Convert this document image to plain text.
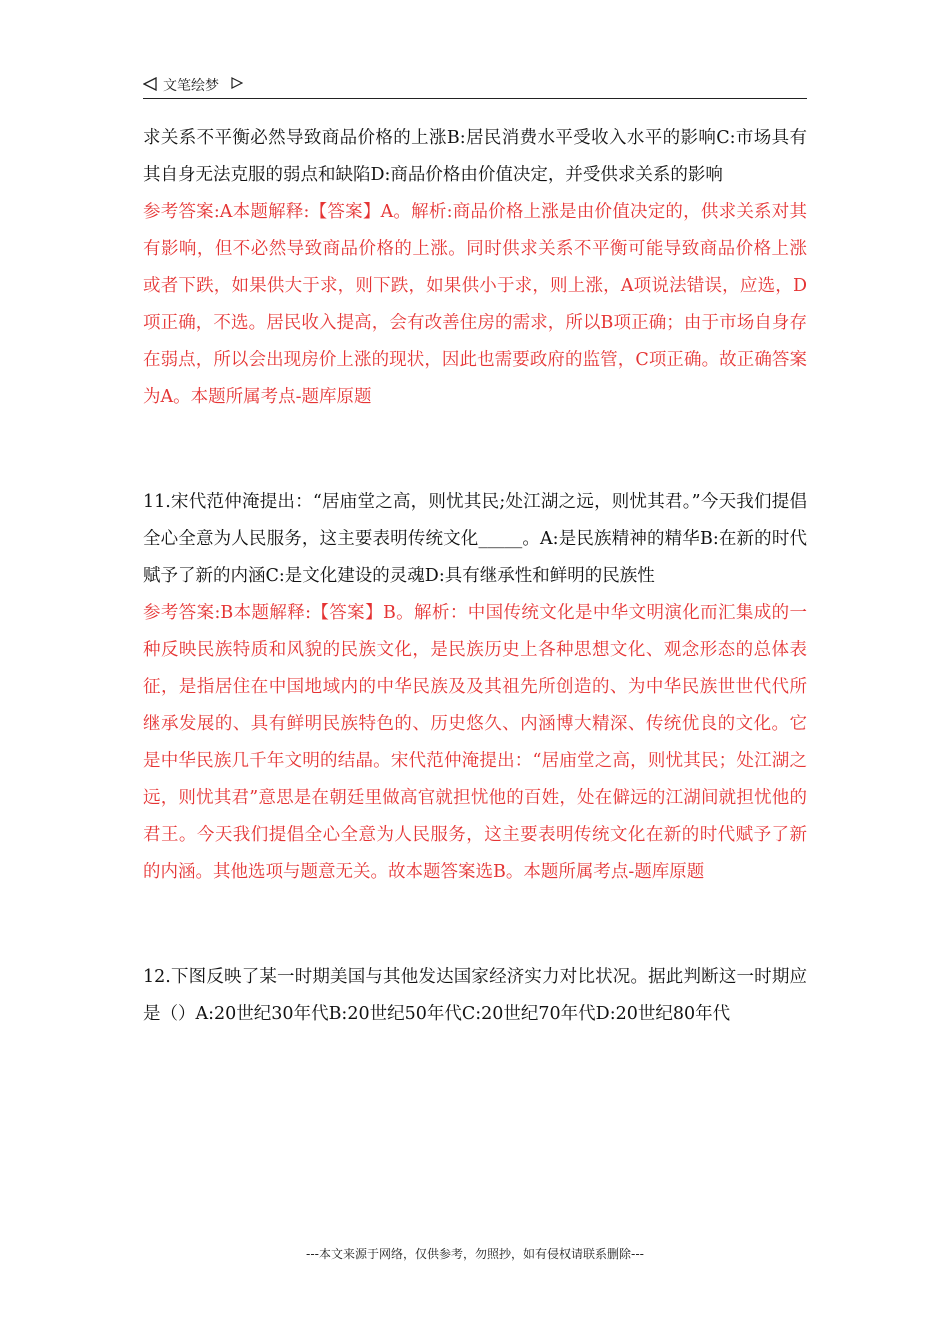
文笔绘梦

求关系不平衡必然导致商品价格的上涨B:居民消费水平受收入水平的影响C:市场具有其自身无法克服的弱点和缺陷D:商品价格由价值决定，并受供求关系的影响

参考答案:A本题解释:【答案】A。解析:商品价格上涨是由价值决定的，供求关系对其有影响，但不必然导致商品价格的上涨。同时供求关系不平衡可能导致商品价格上涨或者下跌，如果供大于求，则下跌，如果供小于求，则上涨，A项说法错误，应选，D项正确，不选。居民收入提高，会有改善住房的需求，所以B项正确；由于市场自身存在弱点，所以会出现房价上涨的现状，因此也需要政府的监管，C项正确。故正确答案为A。本题所属考点-题库原题

11.宋代范仲淹提出：“居庙堂之高，则忧其民;处江湖之远，则忧其君。”今天我们提倡全心全意为人民服务，这主要表明传统文化_____。A:是民族精神的精华B:在新的时代赋予了新的内涵C:是文化建设的灵魂D:具有继承性和鲜明的民族性

参考答案:B本题解释:【答案】B。解析：中国传统文化是中华文明演化而汇集成的一种反映民族特质和风貌的民族文化，是民族历史上各种思想文化、观念形态的总体表征，是指居住在中国地域内的中华民族及及其祖先所创造的、为中华民族世世代代所继承发展的、具有鲜明民族特色的、历史悠久、内涵博大精深、传统优良的文化。它是中华民族几千年文明的结晶。宋代范仲淹提出：“居庙堂之高，则忧其民；处江湖之远，则忧其君”意思是在朝廷里做高官就担忧他的百姓，处在僻远的江湖间就担忧他的君王。今天我们提倡全心全意为人民服务，这主要表明传统文化在新的时代赋予了新的内涵。其他选项与题意无关。故本题答案选B。本题所属考点-题库原题

12.下图反映了某一时期美国与其他发达国家经济实力对比状况。据此判断这一时期应是（）A:20世纪30年代B:20世纪50年代C:20世纪70年代D:20世纪80年代

---本文来源于网络，仅供参考，勿照抄，如有侵权请联系删除---
